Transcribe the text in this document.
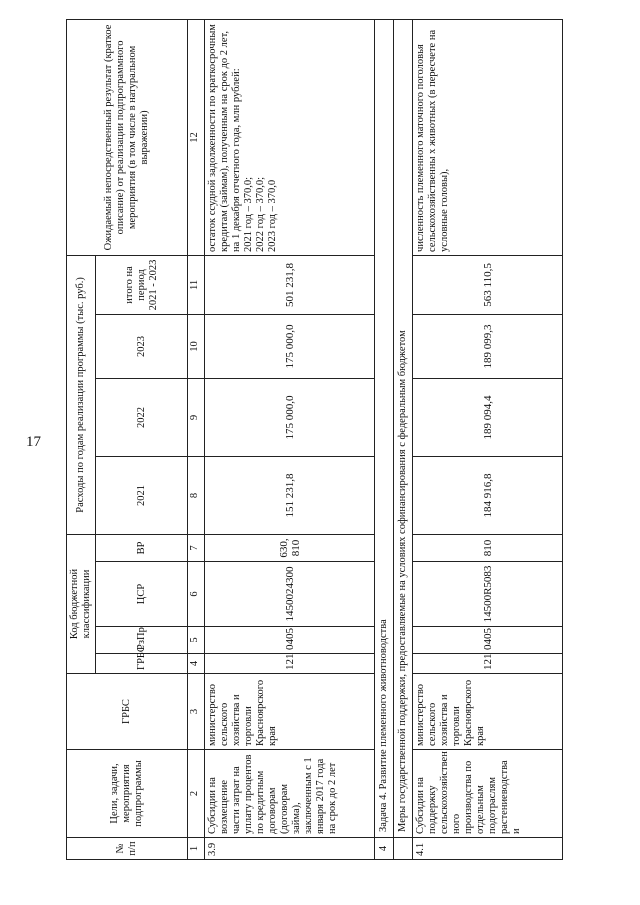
17
№ п/п	Цели, задачи, мероприятия подпрограммы	ГРБС	Код бюджетной классификации				Расходы по годам реализации программы (тыс. руб.)				Ожидаемый непосредственный результат (краткое описание) от реализации подпрограммного мероприятия (в том числе в натуральном выражении)
			ГРБС	РзПр	ЦСР	ВР	2021	2022	2023	итого на период 2021 - 2023	
1	2	3	4	5	6	7	8	9	10	11	12
3.9	Субсидии на возмещение части затрат на уплату процентов по кредитным договорам (договорам займа), заключенным с 1 января 2017 года на срок до 2 лет	министерство сельского хозяйства и торговли Красноярского края	121	0405	1450024300	630, 810	151 231,8	175 000,0	175 000,0	501 231,8	остаток ссудной задолженности по краткосрочным кредитам (займам), полученным на срок до 2 лет, на 1 декабря отчетного года, млн рублей: 2021 год – 370,0; 2022 год – 370,0; 2023 год – 370,0

4	Задача 4. Развитие племенного животноводства										
	Меры государственной поддержки, предоставляемые на условиях софинансирования с федеральным бюджетом										
4.1	Субсидии на поддержку сельскохозяйствен ного производства по отдельным подотраслям растениеводства и	министерство сельского хозяйства и торговли Красноярского края	121	0405	14500R5083	810	184 916,8	189 094,4	189 099,3	563 110,5	численность племенного маточного поголовья сельскохозяйственны х животных (в пересчете на условные головы),
